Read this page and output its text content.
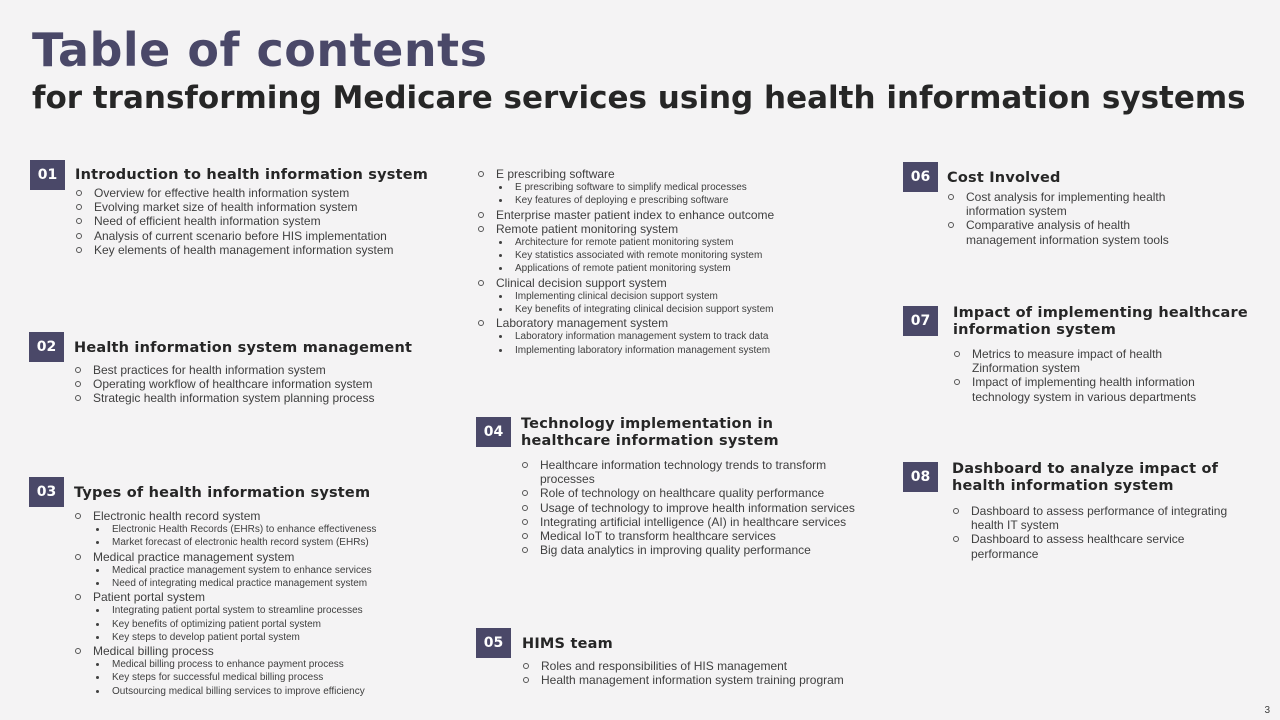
Table of contents
for transforming Medicare services using health information systems
01	Introduction to health information system
Overview for effective health information system
Evolving market size of health information system
Need of efficient health information system
Analysis of current scenario before HIS implementation
Key elements of health management information system
02	Health information system management
Best practices for health information system
Operating workflow of healthcare information system
Strategic health information system planning process
03	Types of health information system
Electronic health record system
Electronic Health Records (EHRs) to enhance effectiveness
Market forecast of electronic health record system (EHRs)
Medical practice management system
Medical practice management system to enhance services
Need of integrating medical practice management system
Patient portal system
Integrating patient portal system to streamline processes
Key benefits of optimizing patient portal system
Key steps to develop patient portal system
Medical billing process
Medical billing process to enhance payment process
Key steps for successful medical billing process
Outsourcing medical billing services to improve efficiency
E prescribing software
E prescribing software to simplify medical processes
Key features of deploying e prescribing software
Enterprise master patient index to enhance outcome
Remote patient monitoring system
Architecture for remote patient monitoring system
Key statistics associated with remote monitoring system
Applications of remote patient monitoring system
Clinical decision support system
Implementing clinical decision support system
Key benefits of integrating clinical decision support system
Laboratory management system
Laboratory information management system to track data
Implementing laboratory information management system
04	Technology implementation in healthcare information system
Healthcare information technology trends to transform processes
Role of technology on healthcare quality performance
Usage of technology to improve health information services
Integrating artificial intelligence (AI) in healthcare services
Medical IoT to transform healthcare services
Big data analytics in improving quality performance
05	HIMS team
Roles and responsibilities of HIS management
Health management information system training program
06	Cost Involved
Cost analysis for implementing health information system
Comparative analysis of health management information system tools
07	Impact of implementing healthcare information system
Metrics to measure impact of health Zinformation system
Impact of implementing health information technology system in various departments
08	Dashboard to analyze impact of health information system
Dashboard to assess performance of integrating health IT system
Dashboard to assess healthcare service performance
3
